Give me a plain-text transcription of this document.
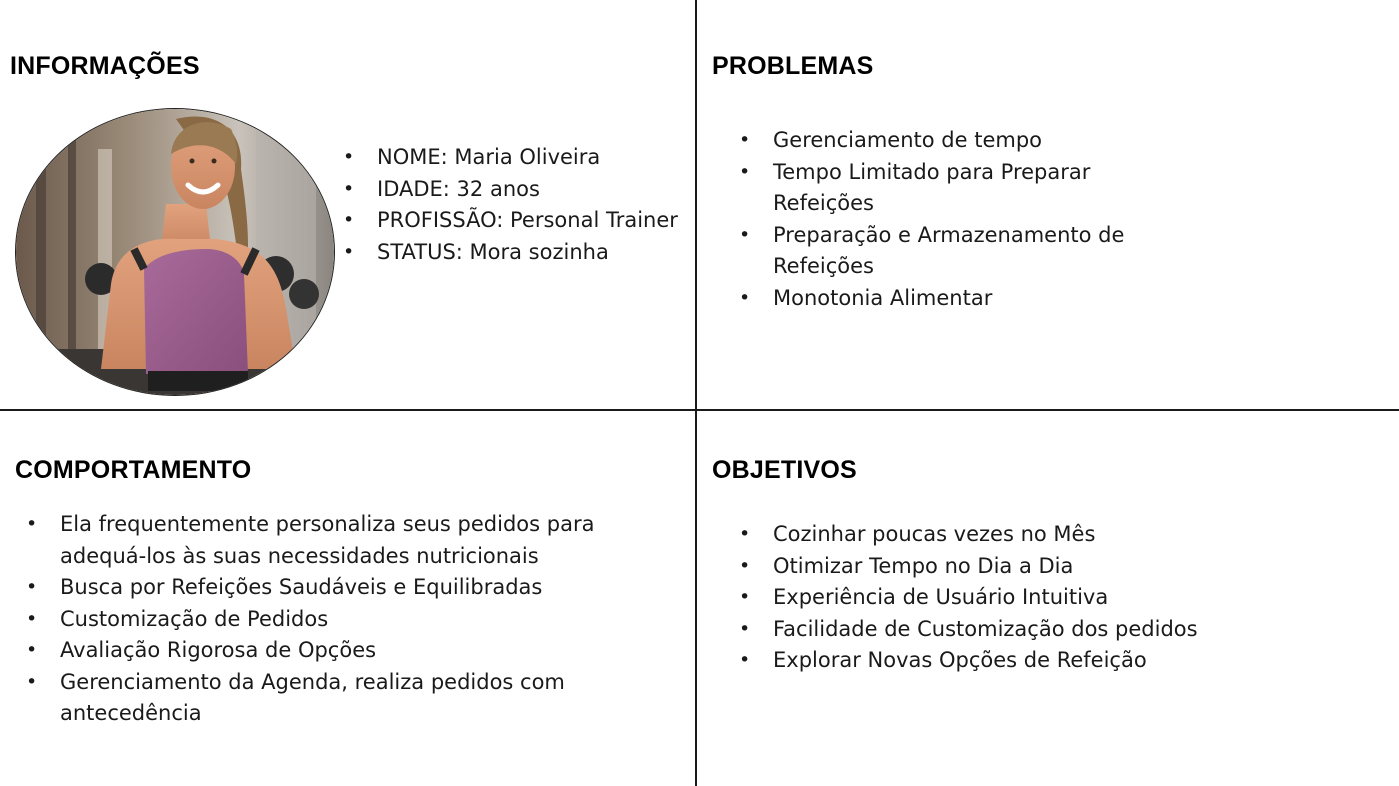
INFORMAÇÕES
• NOME: Maria Oliveira
• IDADE: 32 anos
• PROFISSÃO: Personal Trainer
• STATUS: Mora sozinha
PROBLEMAS
• Gerenciamento de tempo
• Tempo Limitado para Preparar Refeições
• Preparação e Armazenamento de Refeições
• Monotonia Alimentar
COMPORTAMENTO
• Ela frequentemente personaliza seus pedidos para adequá-los às suas necessidades nutricionais
• Busca por Refeições Saudáveis e Equilibradas
• Customização de Pedidos
• Avaliação Rigorosa de Opções
• Gerenciamento da Agenda, realiza pedidos com antecedência
OBJETIVOS
• Cozinhar poucas vezes no Mês
• Otimizar Tempo no Dia a Dia
• Experiência de Usuário Intuitiva
• Facilidade de Customização dos pedidos
• Explorar Novas Opções de Refeição
